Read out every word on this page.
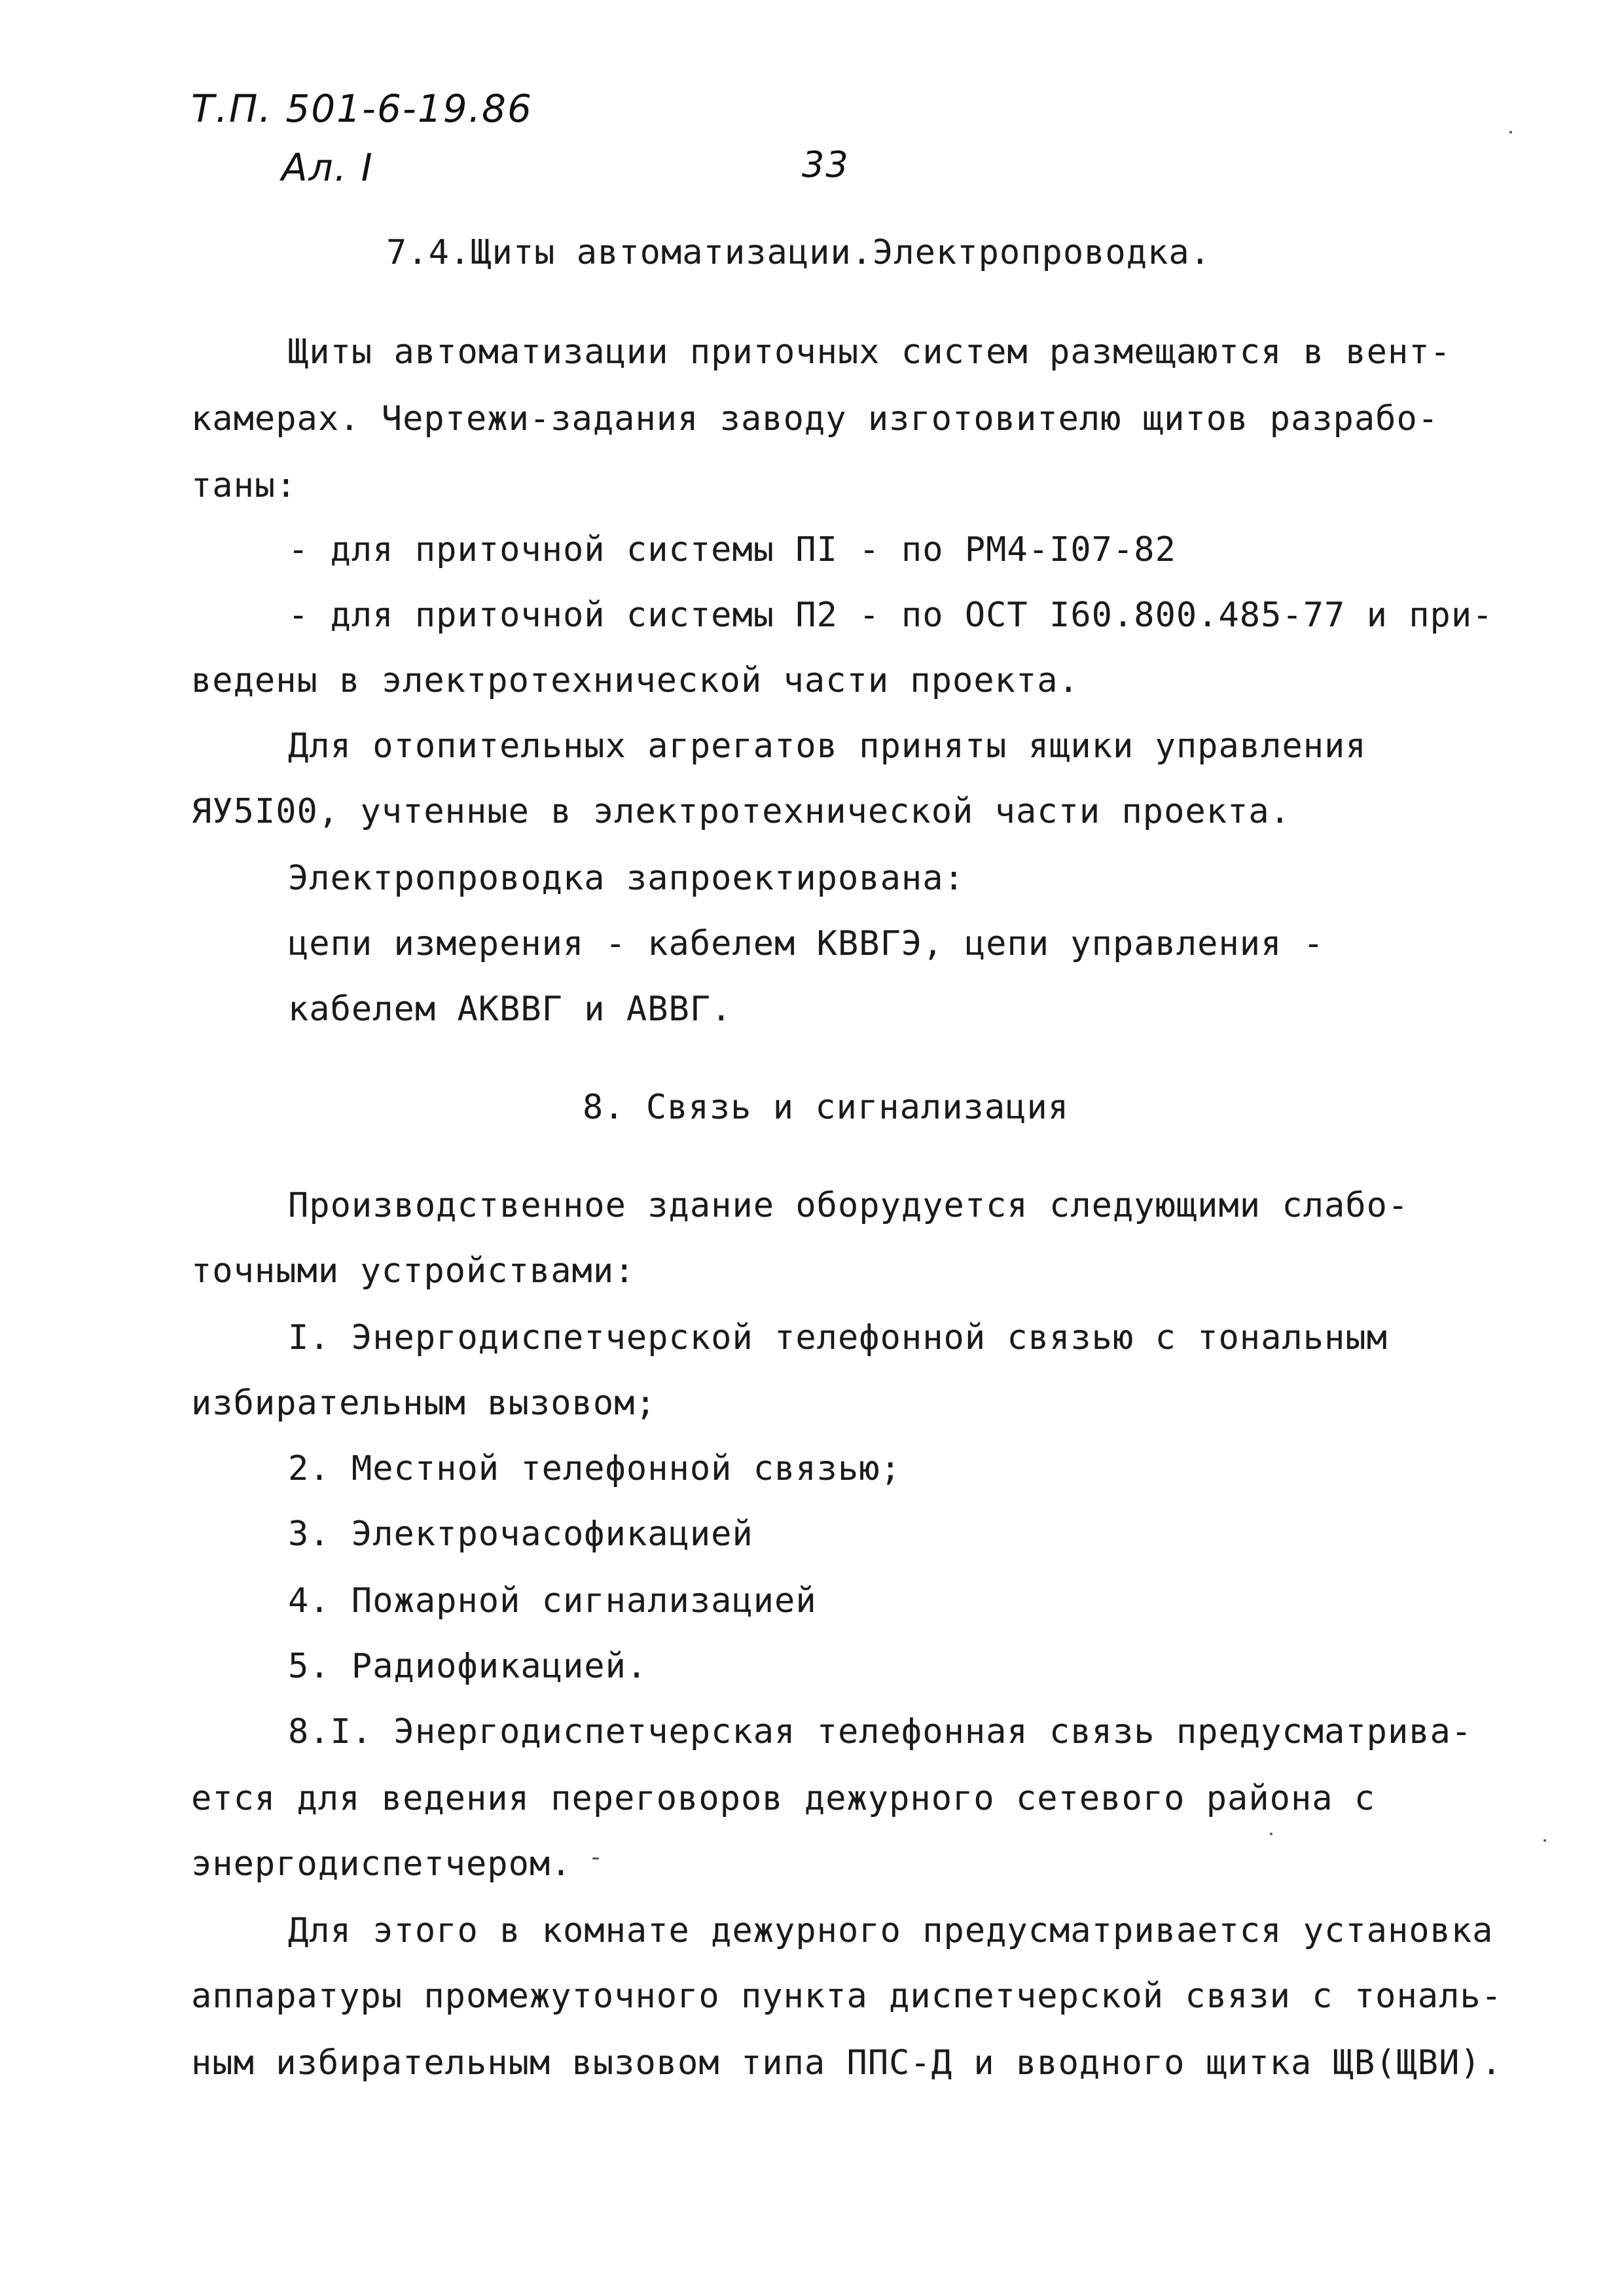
Т.П. 501-6-19.86
Ал. I	33
7.4.Щиты автоматизации.Электропроводка.
Щиты автоматизации приточных систем размещаются в вент-
камерах. Чертежи-задания заводу изготовителю щитов разрабо-
таны:
- для приточной системы ПI - по РМ4-I07-82
- для приточной системы П2 - по ОСТ I60.800.485-77 и при-
ведены в электротехнической части проекта.
Для отопительных агрегатов приняты ящики управления
ЯУ5I00, учтенные в электротехнической части проекта.
Электропроводка запроектирована:
цепи измерения - кабелем КВВГЭ, цепи управления -
кабелем АКВВГ и АВВГ.
8. Связь и сигнализация
Производственное здание оборудуется следующими слабо-
точными устройствами:
I. Энергодиспетчерской телефонной связью с тональным
избирательным вызовом;
2. Местной телефонной связью;
3. Электрочасофикацией
4. Пожарной сигнализацией
5. Радиофикацией.
8.I. Энергодиспетчерская телефонная связь предусматрива-
ется для ведения переговоров дежурного сетевого района с
энергодиспетчером.
Для этого в комнате дежурного предусматривается установка
аппаратуры промежуточного пункта диспетчерской связи с тональ-
ным избирательным вызовом типа ППС-Д и вводного щитка ЩВ(ЩВИ).
